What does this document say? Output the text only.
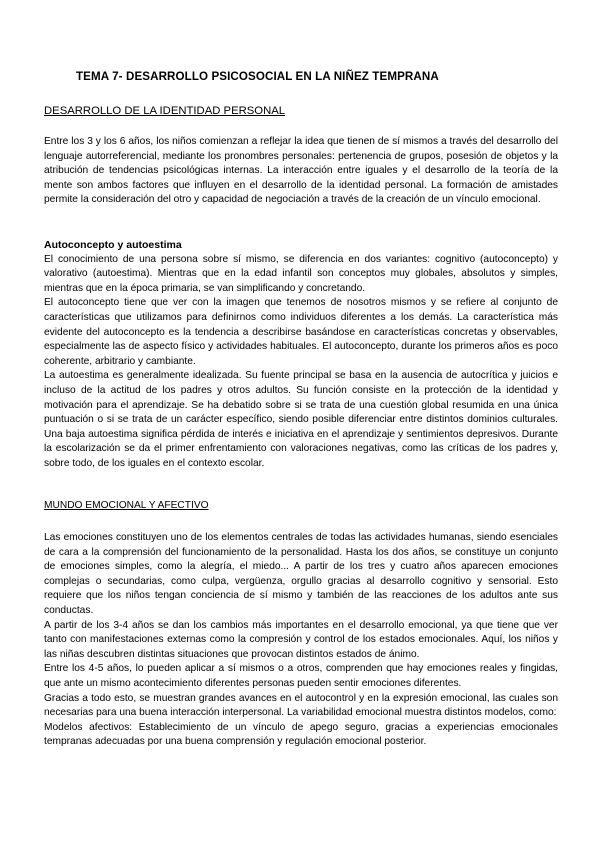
TEMA 7- DESARROLLO PSICOSOCIAL EN LA NIÑEZ TEMPRANA
DESARROLLO DE LA IDENTIDAD PERSONAL

Entre los 3 y los 6 años, los niños comienzan a reflejar la idea que tienen de sí mismos a través del desarrollo del lenguaje autorreferencial, mediante los pronombres personales: pertenencia de grupos, posesión de objetos y la atribución de tendencias psicológicas internas. La interacción entre iguales y el desarrollo de la teoría de la mente son ambos factores que influyen en el desarrollo de la identidad personal. La formación de amistades permite la consideración del otro y capacidad de negociación a través de la creación de un vínculo emocional.

Autoconcepto y autoestima

El conocimiento de una persona sobre sí mismo, se diferencia en dos variantes: cognitivo (autoconcepto) y valorativo (autoestima). Mientras que en la edad infantil son conceptos muy globales, absolutos y simples, mientras que en la época primaria, se van simplificando y concretando.

El autoconcepto tiene que ver con la imagen que tenemos de nosotros mismos y se refiere al conjunto de características que utilizamos para definirnos como individuos diferentes a los demás. La característica más evidente del autoconcepto es la tendencia a describirse basándose en características concretas y observables, especialmente las de aspecto físico y actividades habituales. El autoconcepto, durante los primeros años es poco coherente, arbitrario y cambiante.

La autoestima es generalmente idealizada. Su fuente principal se basa en la ausencia de autocrítica y juicios e incluso de la actitud de los padres y otros adultos. Su función consiste en la protección de la identidad y motivación para el aprendizaje. Se ha debatido sobre si se trata de una cuestión global resumida en una única puntuación o si se trata de un carácter específico, siendo posible diferenciar entre distintos dominios culturales. Una baja autoestima significa pérdida de interés e iniciativa en el aprendizaje y sentimientos depresivos. Durante la escolarización se da el primer enfrentamiento con valoraciones negativas, como las críticas de los padres y, sobre todo, de los iguales en el contexto escolar.

MUNDO EMOCIONAL Y AFECTIVO

Las emociones constituyen uno de los elementos centrales de todas las actividades humanas, siendo esenciales de cara a la comprensión del funcionamiento de la personalidad. Hasta los dos años, se constituye un conjunto de emociones simples, como la alegría, el miedo... A partir de los tres y cuatro años aparecen emociones complejas o secundarias, como culpa, vergüenza, orgullo gracias al desarrollo cognitivo y sensorial. Esto requiere que los niños tengan conciencia de sí mismo y también de las reacciones de los adultos ante sus conductas.

A partir de los 3-4 años se dan los cambios más importantes en el desarrollo emocional, ya que tiene que ver tanto con manifestaciones externas como la compresión y control de los estados emocionales. Aquí, los niños y las niñas descubren distintas situaciones que provocan distintos estados de ánimo.

Entre los 4-5 años, lo pueden aplicar a sí mismos o a otros, comprenden que hay emociones reales y fingidas, que ante un mismo acontecimiento diferentes personas pueden sentir emociones diferentes.

Gracias a todo esto, se muestran grandes avances en el autocontrol y en la expresión emocional, las cuales son necesarias para una buena interacción interpersonal. La variabilidad emocional muestra distintos modelos, como:

Modelos afectivos: Establecimiento de un vínculo de apego seguro, gracias a experiencias emocionales tempranas adecuadas por una buena comprensión y regulación emocional posterior.
